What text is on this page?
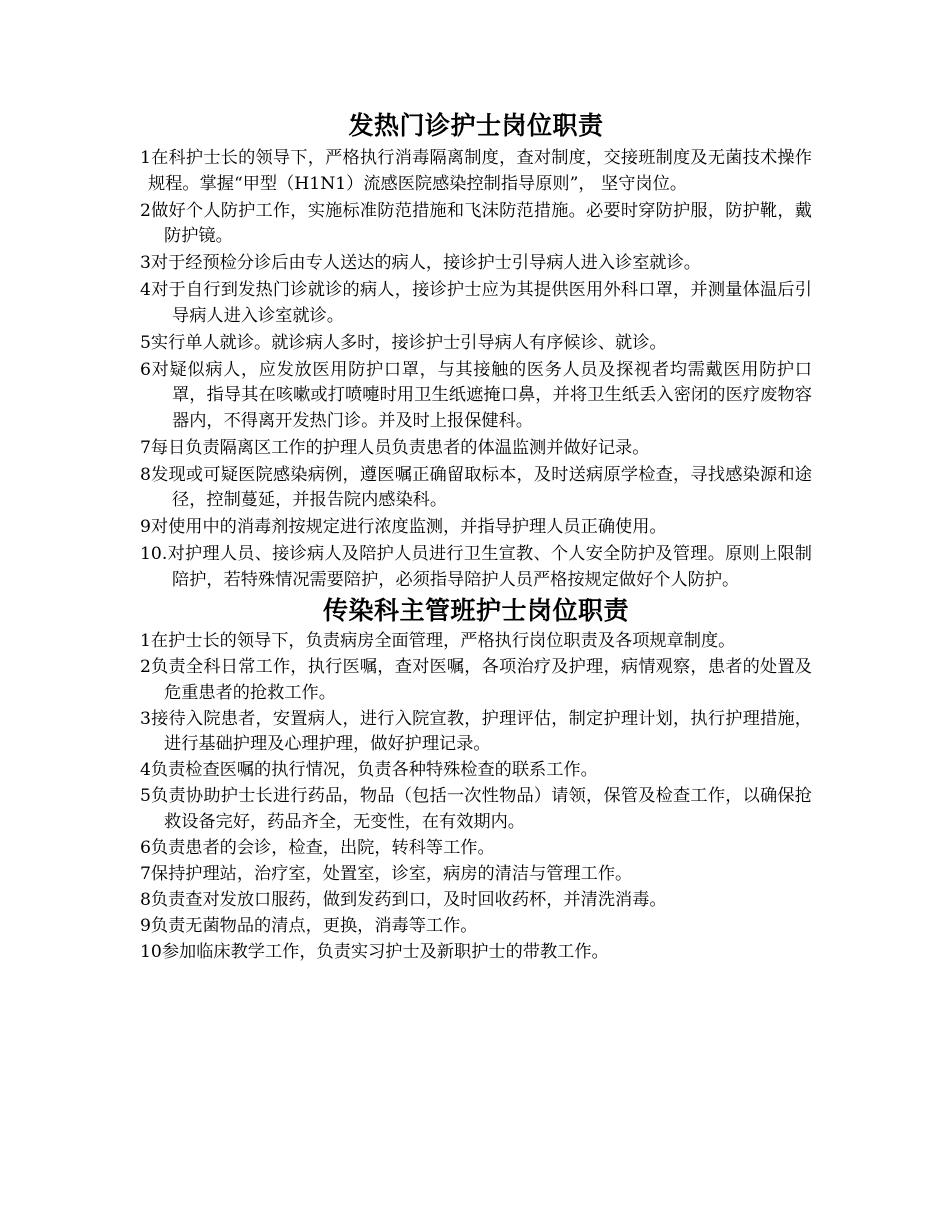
发热门诊护士岗位职责

1在科护士长的领导下，严格执行消毒隔离制度，查对制度，交接班制度及无菌技术操作规程。掌握“甲型（H1N1）流感医院感染控制指导原则”， 坚守岗位。

2做好个人防护工作，实施标准防范措施和飞沫防范措施。必要时穿防护服，防护靴，戴防护镜。

3对于经预检分诊后由专人送达的病人，接诊护士引导病人进入诊室就诊。

4对于自行到发热门诊就诊的病人，接诊护士应为其提供医用外科口罩，并测量体温后引导病人进入诊室就诊。

5实行单人就诊。就诊病人多时，接诊护士引导病人有序候诊、就诊。

6对疑似病人，应发放医用防护口罩，与其接触的医务人员及探视者均需戴医用防护口罩，指导其在咳嗽或打喷嚏时用卫生纸遮掩口鼻，并将卫生纸丢入密闭的医疗废物容器内，不得离开发热门诊。并及时上报保健科。

7每日负责隔离区工作的护理人员负责患者的体温监测并做好记录。

8发现或可疑医院感染病例，遵医嘱正确留取标本，及时送病原学检查，寻找感染源和途径，控制蔓延，并报告院内感染科。

9对使用中的消毒剂按规定进行浓度监测，并指导护理人员正确使用。

10.对护理人员、接诊病人及陪护人员进行卫生宣教、个人安全防护及管理。原则上限制陪护，若特殊情况需要陪护，必须指导陪护人员严格按规定做好个人防护。

传染科主管班护士岗位职责

1在护士长的领导下，负责病房全面管理，严格执行岗位职责及各项规章制度。

2负责全科日常工作，执行医嘱，查对医嘱，各项治疗及护理，病情观察，患者的处置及危重患者的抢救工作。

3接待入院患者，安置病人，进行入院宣教，护理评估，制定护理计划，执行护理措施，进行基础护理及心理护理，做好护理记录。

4负责检查医嘱的执行情况，负责各种特殊检查的联系工作。

5负责协助护士长进行药品，物品（包括一次性物品）请领，保管及检查工作，以确保抢救设备完好，药品齐全，无变性，在有效期内。

6负责患者的会诊，检查，出院，转科等工作。

7保持护理站，治疗室，处置室，诊室，病房的清洁与管理工作。

8负责查对发放口服药，做到发药到口，及时回收药杯，并清洗消毒。

9负责无菌物品的清点，更换，消毒等工作。

10参加临床教学工作，负责实习护士及新职护士的带教工作。
